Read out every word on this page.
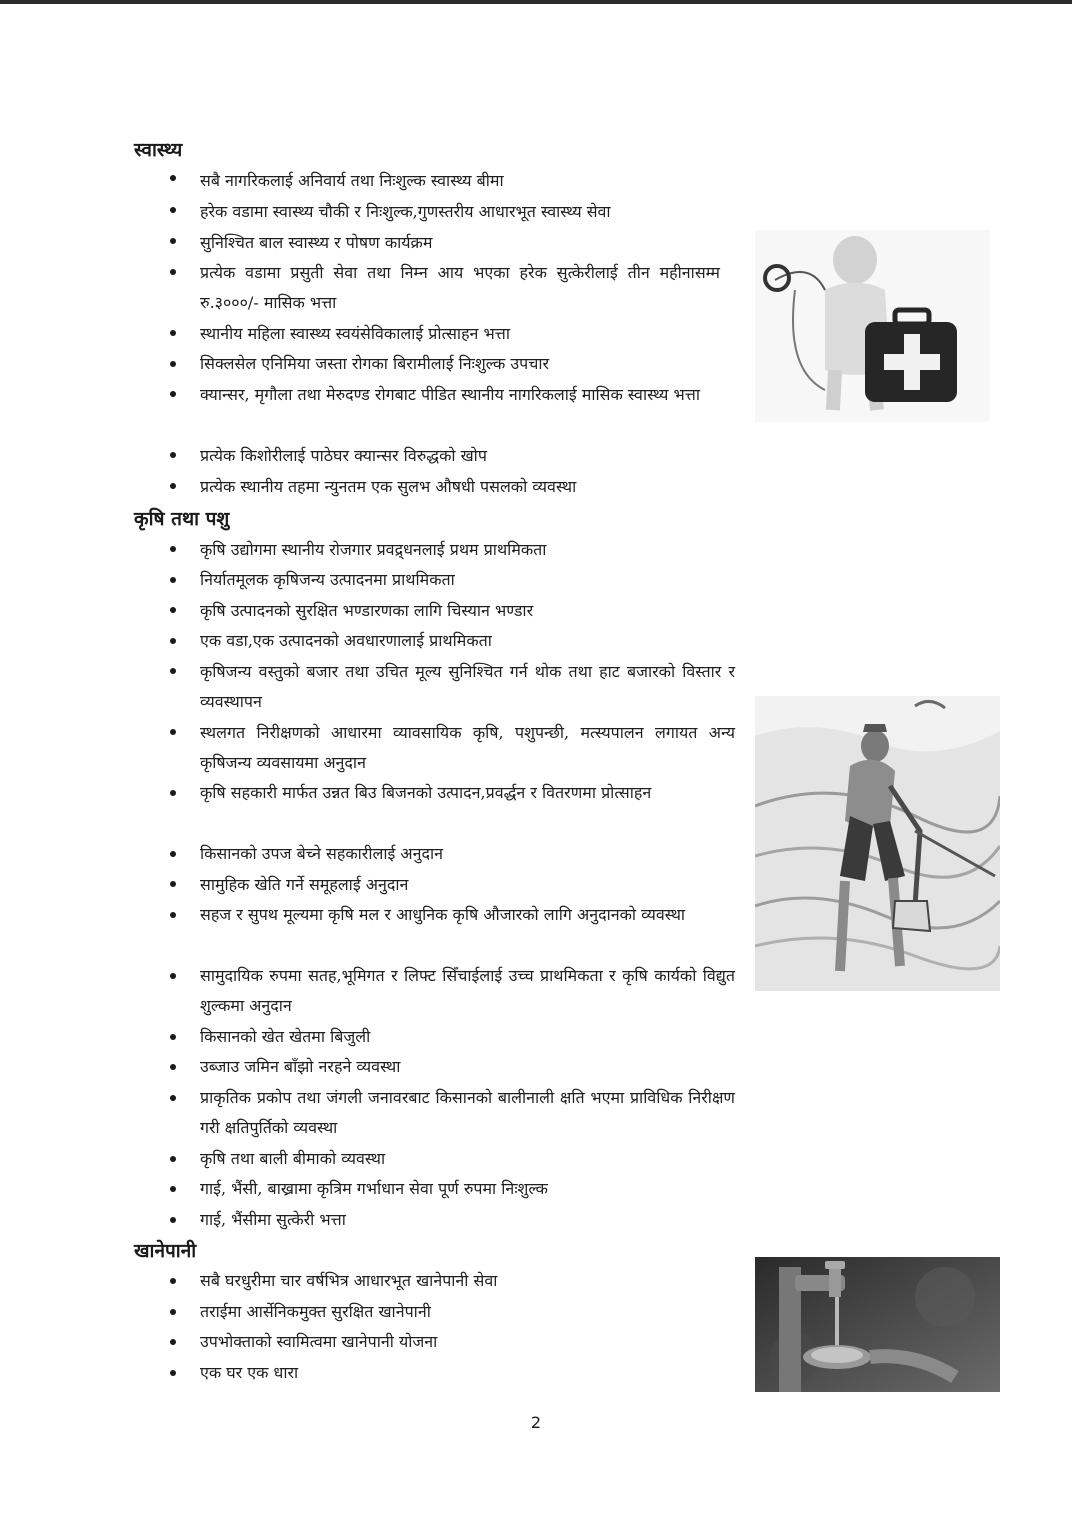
स्वास्थ्य
सबै नागरिकलाई अनिवार्य तथा निःशुल्क स्वास्थ्य बीमा
हरेक वडामा स्वास्थ्य चौकी र निःशुल्क,गुणस्तरीय आधारभूत स्वास्थ्य सेवा
सुनिश्चित बाल स्वास्थ्य र पोषण कार्यक्रम
प्रत्येक वडामा प्रसुती सेवा तथा निम्न आय भएका हरेक सुत्केरीलाई तीन महीनासम्म रु.३०००/- मासिक भत्ता
स्थानीय महिला स्वास्थ्य स्वयंसेविकालाई प्रोत्साहन भत्ता
सिक्लसेल एनिमिया जस्ता रोगका बिरामीलाई निःशुल्क उपचार
क्यान्सर, मृगौला तथा मेरुदण्ड रोगबाट पीडित स्थानीय नागरिकलाई मासिक स्वास्थ्य भत्ता
प्रत्येक किशोरीलाई पाठेघर क्यान्सर विरुद्धको खोप
प्रत्येक स्थानीय तहमा न्युनतम एक सुलभ औषधी पसलको व्यवस्था
कृषि तथा पशु
कृषि उद्योगमा स्थानीय रोजगार प्रवद्र्धनलाई प्रथम प्राथमिकता
निर्यातमूलक कृषिजन्य उत्पादनमा प्राथमिकता
कृषि उत्पादनको सुरक्षित भण्डारणका लागि चिस्यान भण्डार
एक वडा,एक उत्पादनको अवधारणालाई प्राथमिकता
कृषिजन्य वस्तुको बजार तथा उचित मूल्य सुनिश्चित गर्न थोक तथा हाट बजारको विस्तार र व्यवस्थापन
स्थलगत निरीक्षणको आधारमा व्यावसायिक कृषि, पशुपन्छी, मत्स्यपालन लगायत अन्य कृषिजन्य व्यवसायमा अनुदान
कृषि सहकारी मार्फत उन्नत बिउ बिजनको उत्पादन,प्रवर्द्धन र वितरणमा प्रोत्साहन
किसानको उपज बेच्ने सहकारीलाई अनुदान
सामुहिक खेति गर्ने समूहलाई अनुदान
सहज र सुपथ मूल्यमा कृषि मल र आधुनिक कृषि औजारको लागि अनुदानको व्यवस्था
सामुदायिक रुपमा सतह,भूमिगत र लिफ्ट सिँचाईलाई उच्च प्राथमिकता र कृषि कार्यको विद्युत शुल्कमा अनुदान
किसानको खेत खेतमा बिजुली
उब्जाउ जमिन बाँझो नरहने व्यवस्था
प्राकृतिक प्रकोप तथा जंगली जनावरबाट किसानको बालीनाली क्षति भएमा प्राविधिक निरीक्षण गरी क्षतिपुर्तिको व्यवस्था
कृषि तथा बाली बीमाको व्यवस्था
गाई, भैंसी, बाख्रामा कृत्रिम गर्भाधान सेवा पूर्ण रुपमा निःशुल्क
गाई, भैंसीमा सुत्केरी भत्ता
खानेपानी
सबै घरधुरीमा चार वर्षभित्र आधारभूत खानेपानी सेवा
तराईमा आर्सेनिकमुक्त सुरक्षित खानेपानी
उपभोक्ताको स्वामित्वमा खानेपानी योजना
एक घर एक धारा
2
